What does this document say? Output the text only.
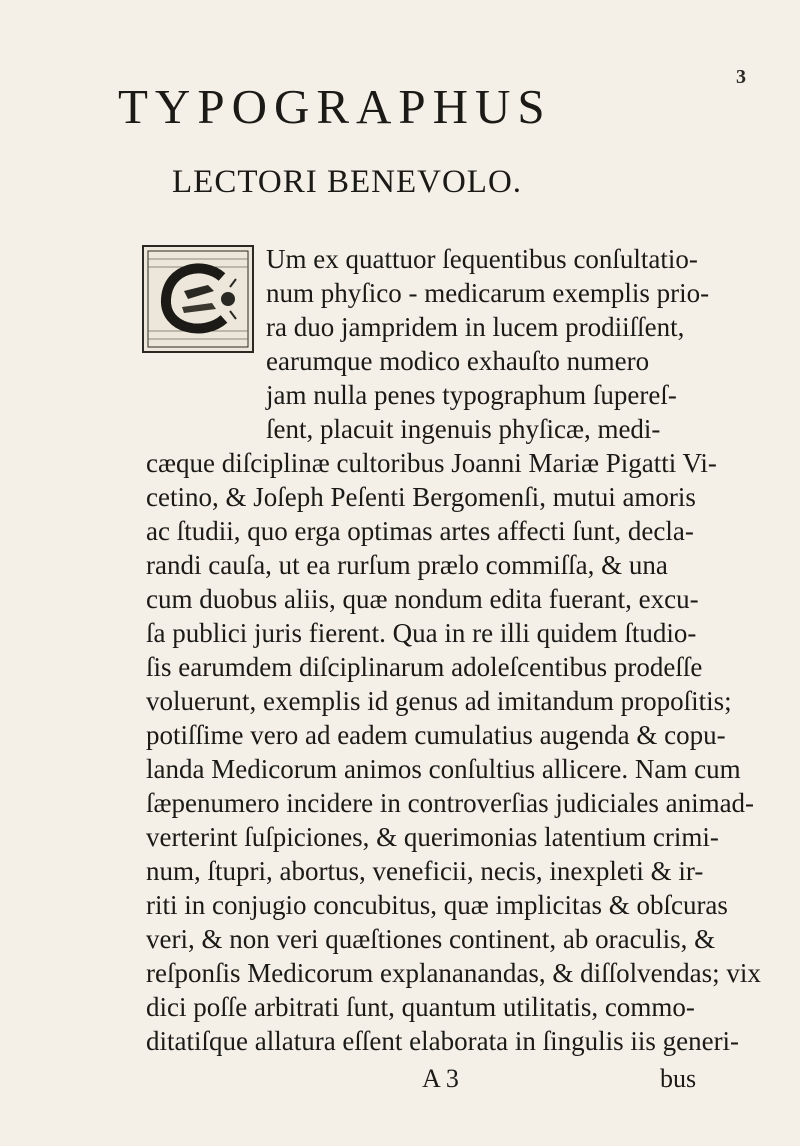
3
TYPOGRAPHUS
LECTORI BENEVOLO.

Um ex quattuor ſequentibus conſultatio-

num phyſico - medicarum exemplis prio-

ra duo jampridem in lucem prodiiſſent,

earumque modico exhauſto numero

jam nulla penes typographum ſupereſ-

ſent, placuit ingenuis phyſicæ, medi-

cæque diſciplinæ cultoribus Joanni Mariæ Pigatti Vi-

cetino, & Joſeph Peſenti Bergomenſi, mutui amoris

ac ſtudii, quo erga optimas artes affecti ſunt, decla-

randi cauſa, ut ea rurſum prælo commiſſa, & una

cum duobus aliis, quæ nondum edita fuerant, excu-

ſa publici juris fierent. Qua in re illi quidem ſtudio-

ſis earumdem diſciplinarum adoleſcentibus prodeſſe

voluerunt, exemplis id genus ad imitandum propoſitis;

potiſſime vero ad eadem cumulatius augenda & copu-

landa Medicorum animos conſultius allicere. Nam cum

ſæpenumero incidere in controverſias judiciales animad-

verterint ſuſpiciones, & querimonias latentium crimi-

num, ſtupri, abortus, veneficii, necis, inexpleti & ir-

riti in conjugio concubitus, quæ implicitas & obſcuras

veri, & non veri quæſtiones continent, ab oraculis, &

reſponſis Medicorum explananandas, & diſſolvendas; vix

dici poſſe arbitrati ſunt, quantum utilitatis, commo-

ditatiſque allatura eſſent elaborata in ſingulis iis generi-

A 3	bus
